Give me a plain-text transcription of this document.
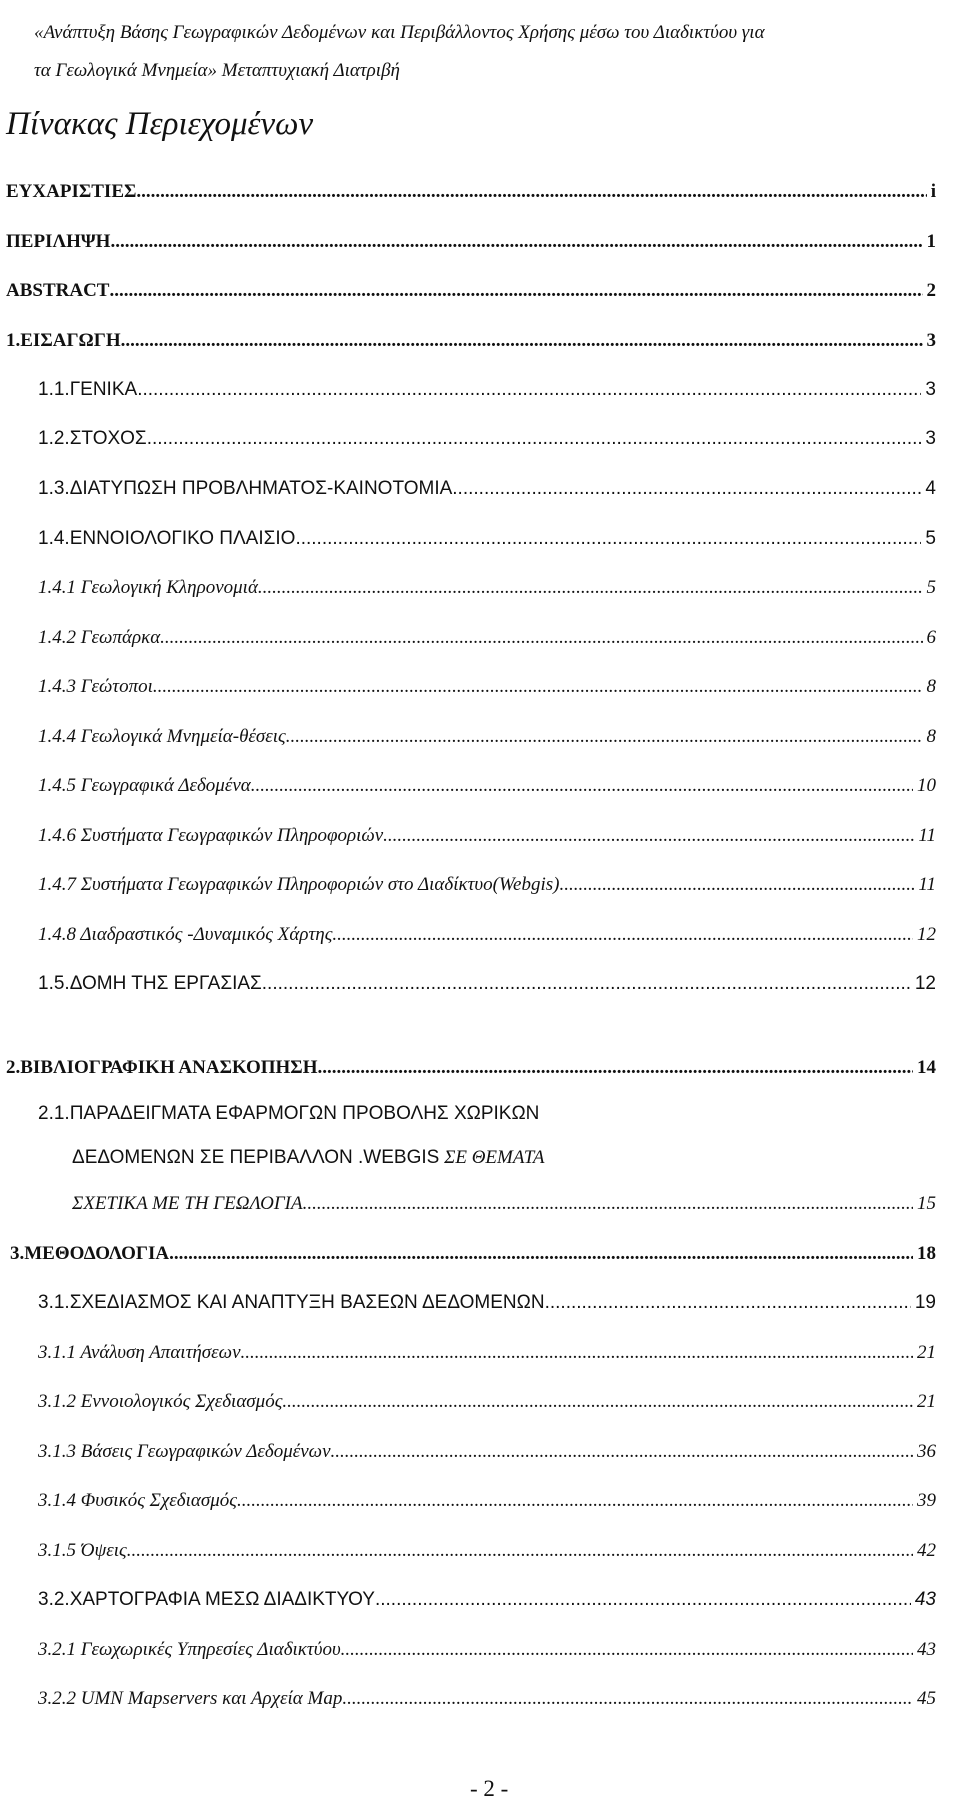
«Ανάπτυξη Βάσης Γεωγραφικών Δεδομένων και Περιβάλλοντος Χρήσης μέσω του Διαδικτύου για
τα Γεωλογικά Μνημεία» Μεταπτυχιακή Διατριβή
Πίνακας Περιεχομένων
ΕΥΧΑΡΙΣΤΙΕΣ .....	i
ΠΕΡΙΛΗΨΗ .....	1
ABSTRACT .....	2
1.ΕΙΣΑΓΩΓΗ .....	3
1.1.ΓΕΝΙΚΑ .....	3
1.2.ΣΤΟΧΟΣ .....	3
1.3.ΔΙΑΤΥΠΩΣΗ ΠΡΟΒΛΗΜΑΤΟΣ-ΚΑΙΝΟΤΟΜΙΑ .....	4
1.4.ΕΝΝΟΙΟΛΟΓΙΚΟ ΠΛΑΙΣΙΟ .....	5
1.4.1 Γεωλογική Κληρονομιά .....	5
1.4.2 Γεωπάρκα .....	6
1.4.3 Γεώτοποι .....	8
1.4.4 Γεωλογικά Μνημεία-θέσεις .....	8
1.4.5 Γεωγραφικά Δεδομένα .....	10
1.4.6 Συστήματα Γεωγραφικών Πληροφοριών .....	11
1.4.7 Συστήματα Γεωγραφικών Πληροφοριών στο Διαδίκτυο(Webgis) .....	11
1.4.8 Διαδραστικός -Δυναμικός Χάρτης .....	12
1.5.ΔΟΜΗ ΤΗΣ ΕΡΓΑΣΙΑΣ .....	12
2.ΒΙΒΛΙΟΓΡΑΦΙΚΗ ΑΝΑΣΚΟΠΗΣΗ .....	14
2.1.ΠΑΡΑΔΕΙΓΜΑΤΑ ΕΦΑΡΜΟΓΩΝ ΠΡΟΒΟΛΗΣ ΧΩΡΙΚΩΝ
ΔΕΔΟΜΕΝΩΝ ΣΕ ΠΕΡΙΒΑΛΛΟΝ .WEBGIS ΣΕ ΘΕΜΑΤΑ
ΣΧΕΤΙΚΑ ΜΕ ΤΗ ΓΕΩΛΟΓΙΑ .....	15
3.ΜΕΘΟΔΟΛΟΓΙΑ .....	18
3.1.ΣΧΕΔΙΑΣΜΟΣ ΚΑΙ ΑΝΑΠΤΥΞΗ ΒΑΣΕΩΝ ΔΕΔΟΜΕΝΩΝ .....	19
3.1.1 Ανάλυση Απαιτήσεων .....	21
3.1.2 Εννοιολογικός Σχεδιασμός .....	21
3.1.3 Βάσεις Γεωγραφικών Δεδομένων .....	36
3.1.4 Φυσικός Σχεδιασμός .....	39
3.1.5 Όψεις .....	42
3.2.ΧΑΡΤΟΓΡΑΦΙΑ ΜΕΣΩ ΔΙΑΔΙΚΤΥΟΥ .....	43
3.2.1 Γεωχωρικές Υπηρεσίες Διαδικτύου .....	43
3.2.2 UMN Mapservers και Αρχεία Map .....	45
- 2 -
